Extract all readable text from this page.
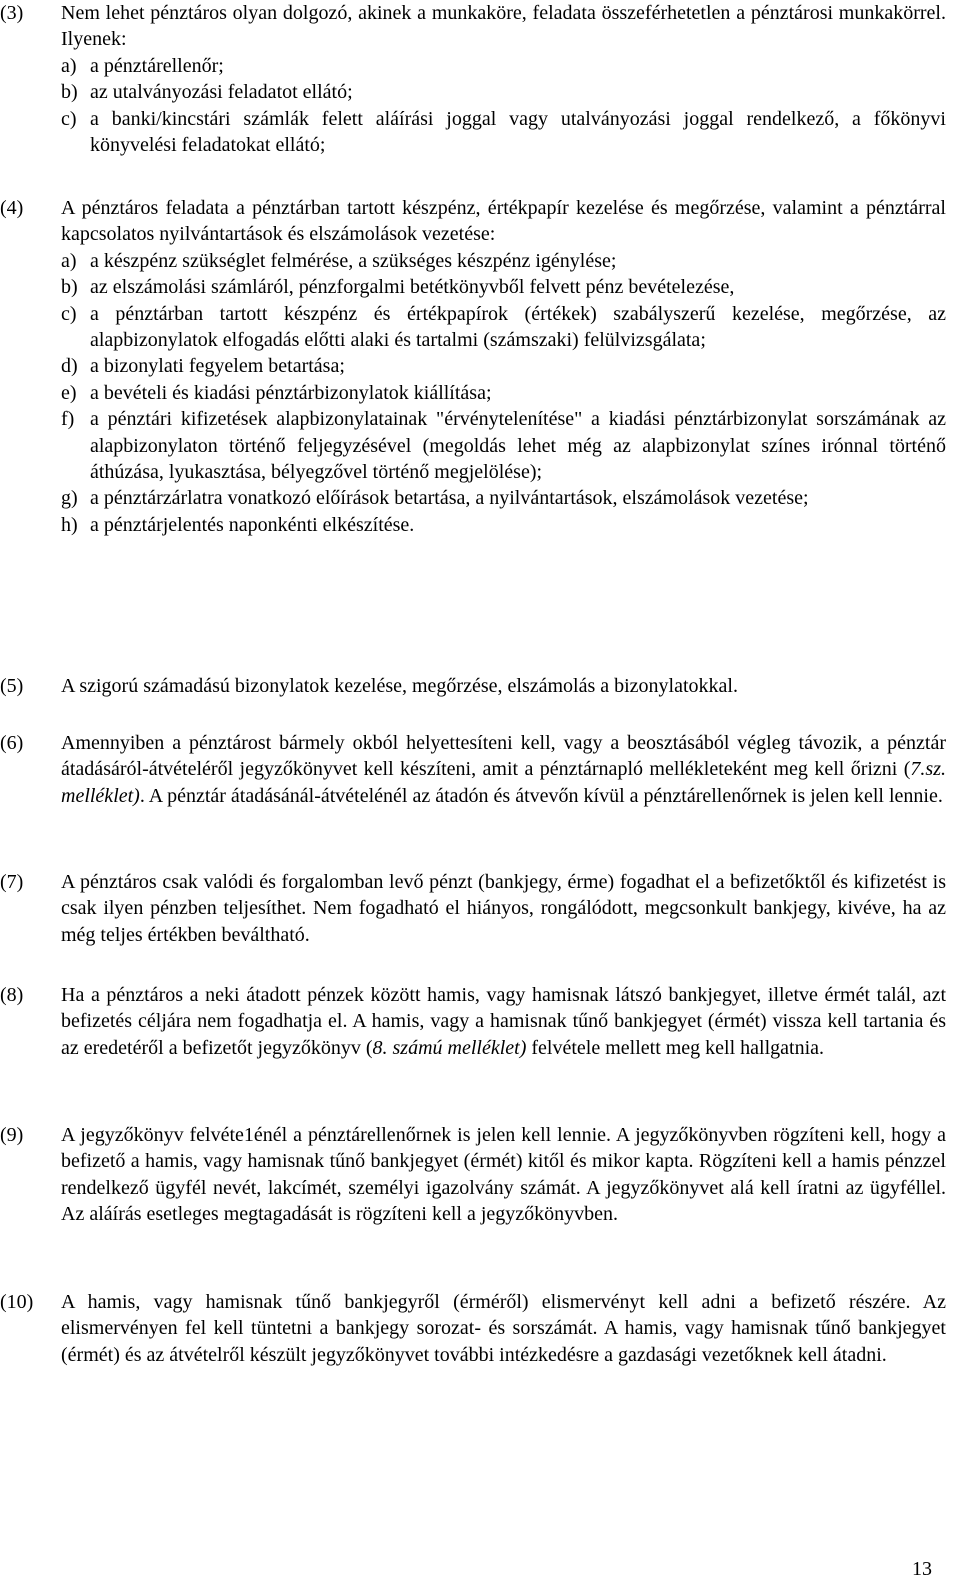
(3)	Nem lehet pénztáros olyan dolgozó, akinek a munkaköre, feladata összeférhetetlen a pénztárosi munkakörrel. Ilyenek:
a) a pénztárellenőr;
b) az utalványozási feladatot ellátó;
c) a banki/kincstári számlák felett aláírási joggal vagy utalványozási joggal rendelkező, a főkönyvi könyvelési feladatokat ellátó;
(4)	A pénztáros feladata a pénztárban tartott készpénz, értékpapír kezelése és megőrzése, valamint a pénztárral kapcsolatos nyilvántartások és elszámolások vezetése:
a) a készpénz szükséglet felmérése, a szükséges készpénz igénylése;
b) az elszámolási számláról, pénzforgalmi betétkönyvből felvett pénz bevételezése,
c) a pénztárban tartott készpénz és értékpapírok (értékek) szabályszerű kezelése, megőrzése, az alapbizonylatok elfogadás előtti alaki és tartalmi (számszaki) felülvizsgálata;
d) a bizonylati fegyelem betartása;
e) a bevételi és kiadási pénztárbizonylatok kiállítása;
f) a pénztári kifizetések alapbizonylatainak "érvénytelenítése" a kiadási pénztárbizonylat sorszámának az alapbizonylaton történő feljegyzésével (megoldás lehet még az alapbizonylat színes irónnal történő áthúzása, lyukasztása, bélyegzővel történő megjelölése);
g) a pénztárzárlatra vonatkozó előírások betartása, a nyilvántartások, elszámolások vezetése;
h) a pénztárjelentés naponkénti elkészítése.
(5)	A szigorú számadású bizonylatok kezelése, megőrzése, elszámolás a bizonylatokkal.
(6)	Amennyiben a pénztárost bármely okból helyettesíteni kell, vagy a beosztásából végleg távozik, a pénztár átadásáról-átvételéről jegyzőkönyvet kell készíteni, amit a pénztárnapló mellékleteként meg kell őrizni (7.sz. melléklet). A pénztár átadásánál-átvételénél az átadón és átvevőn kívül a pénztárellenőrnek is jelen kell lennie.
(7)	A pénztáros csak valódi és forgalomban levő pénzt (bankjegy, érme) fogadhat el a befizetőktől és kifizetést is csak ilyen pénzben teljesíthet. Nem fogadható el hiányos, rongálódott, megcsonkult bankjegy, kivéve, ha az még teljes értékben beváltható.
(8)	Ha a pénztáros a neki átadott pénzek között hamis, vagy hamisnak látszó bankjegyet, illetve érmét talál, azt befizetés céljára nem fogadhatja el. A hamis, vagy a hamisnak tűnő bankjegyet (érmét) vissza kell tartania és az eredetéről a befizetőt jegyzőkönyv (8. számú melléklet) felvétele mellett meg kell hallgatnia.
(9)	A jegyzőkönyv felvéte1énél a pénztárellenőrnek is jelen kell lennie. A jegyzőkönyvben rögzíteni kell, hogy a befizető a hamis, vagy hamisnak tűnő bankjegyet (érmét) kitől és mikor kapta. Rögzíteni kell a hamis pénzzel rendelkező ügyfél nevét, lakcímét, személyi igazolvány számát. A jegyzőkönyvet alá kell íratni az ügyféllel. Az aláírás esetleges megtagadását is rögzíteni kell a jegyzőkönyvben.
(10)	A hamis, vagy hamisnak tűnő bankjegyről (érméről) elismervényt kell adni a befizető részére. Az elismervényen fel kell tüntetni a bankjegy sorozat- és sorszámát. A hamis, vagy hamisnak tűnő bankjegyet (érmét) és az átvételről készült jegyzőkönyvet további intézkedésre a gazdasági vezetőknek kell átadni.
13
